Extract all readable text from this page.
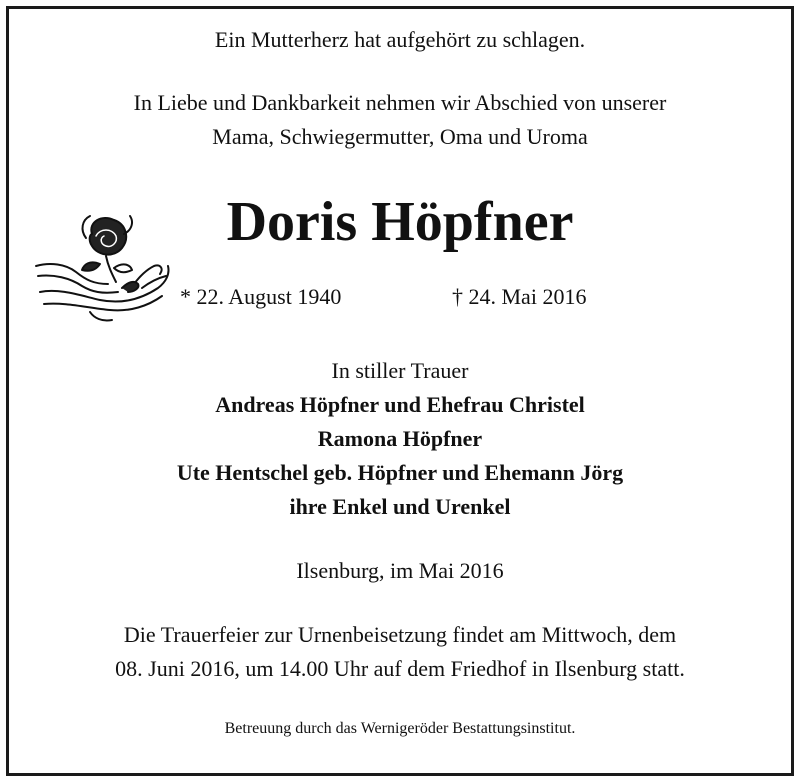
Ein Mutterherz hat aufgehört zu schlagen.
In Liebe und Dankbarkeit nehmen wir Abschied von unserer
Mama, Schwiegermutter, Oma und Uroma
Doris Höpfner
* 22. August 1940	† 24. Mai 2016
In stiller Trauer
Andreas Höpfner und Ehefrau Christel
Ramona Höpfner
Ute Hentschel geb. Höpfner und Ehemann Jörg
ihre Enkel und Urenkel
Ilsenburg, im Mai 2016
Die Trauerfeier zur Urnenbeisetzung findet am Mittwoch, dem
08. Juni 2016, um 14.00 Uhr auf dem Friedhof in Ilsenburg statt.
Betreuung durch das Wernigeröder Bestattungsinstitut.
